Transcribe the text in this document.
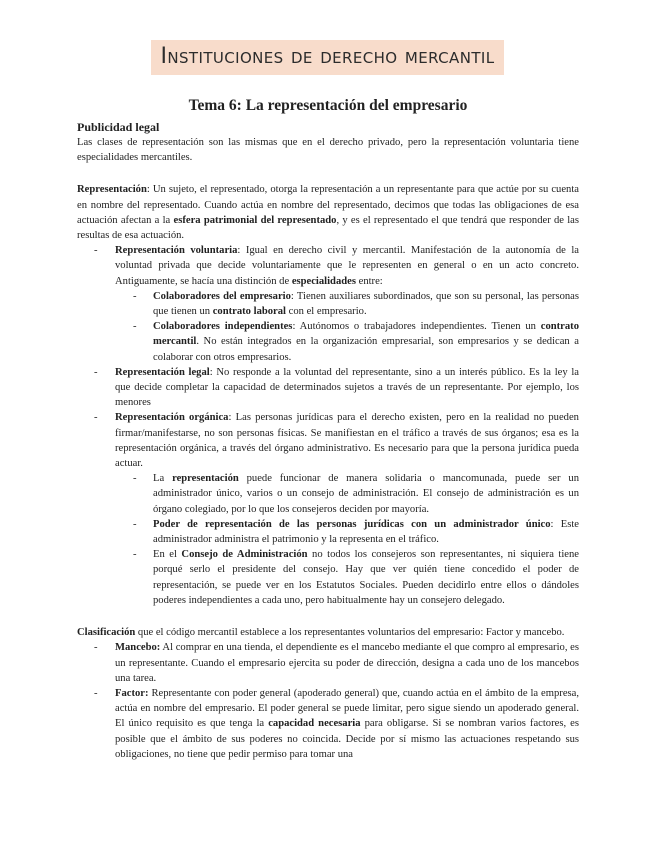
Instituciones de derecho mercantil
Tema 6: La representación del empresario
Publicidad legal

Las clases de representación son las mismas que en el derecho privado, pero la representación voluntaria tiene especialidades mercantiles.

Representación: Un sujeto, el representado, otorga la representación a un representante para que actúe por su cuenta en nombre del representado. Cuando actúa en nombre del representado, decimos que todas las obligaciones de esa actuación afectan a la esfera patrimonial del representado, y es el representado el que tendrá que responder de las resultas de esa actuación.

- Representación voluntaria: Igual en derecho civil y mercantil. Manifestación de la autonomía de la voluntad privada que decide voluntariamente que le representen en general o en un acto concreto. Antiguamente, se hacía una distinción de especialidades entre:
- Colaboradores del empresario: Tienen auxiliares subordinados, que son su personal, las personas que tienen un contrato laboral con el empresario.
- Colaboradores independientes: Autónomos o trabajadores independientes. Tienen un contrato mercantil. No están integrados en la organización empresarial, son empresarios y se dedican a colaborar con otros empresarios.
- Representación legal: No responde a la voluntad del representante, sino a un interés público. Es la ley la que decide completar la capacidad de determinados sujetos a través de un representante. Por ejemplo, los menores
- Representación orgánica: Las personas jurídicas para el derecho existen, pero en la realidad no pueden firmar/manifestarse, no son personas físicas. Se manifiestan en el tráfico a través de sus órganos; esa es la representación orgánica, a través del órgano administrativo. Es necesario para que la persona jurídica pueda actuar.
- La representación puede funcionar de manera solidaria o mancomunada, puede ser un administrador único, varios o un consejo de administración. El consejo de administración es un órgano colegiado, por lo que los consejeros deciden por mayoría.
- Poder de representación de las personas jurídicas con un administrador único: Este administrador administra el patrimonio y la representa en el tráfico.
- En el Consejo de Administración no todos los consejeros son representantes, ni siquiera tiene porqué serlo el presidente del consejo. Hay que ver quién tiene concedido el poder de representación, se puede ver en los Estatutos Sociales. Pueden decidirlo entre ellos o dándoles poderes independientes a cada uno, pero habitualmente hay un consejero delegado.

Clasificación que el código mercantil establece a los representantes voluntarios del empresario: Factor y mancebo.

- Mancebo: Al comprar en una tienda, el dependiente es el mancebo mediante el que compro al empresario, es un representante. Cuando el empresario ejercita su poder de dirección, designa a cada uno de los mancebos una tarea.
- Factor: Representante con poder general (apoderado general) que, cuando actúa en el ámbito de la empresa, actúa en nombre del empresario. El poder general se puede limitar, pero sigue siendo un apoderado general. El único requisito es que tenga la capacidad necesaria para obligarse. Si se nombran varios factores, es posible que el ámbito de sus poderes no coincida. Decide por sí mismo las actuaciones respetando sus obligaciones, no tiene que pedir permiso para tomar una
